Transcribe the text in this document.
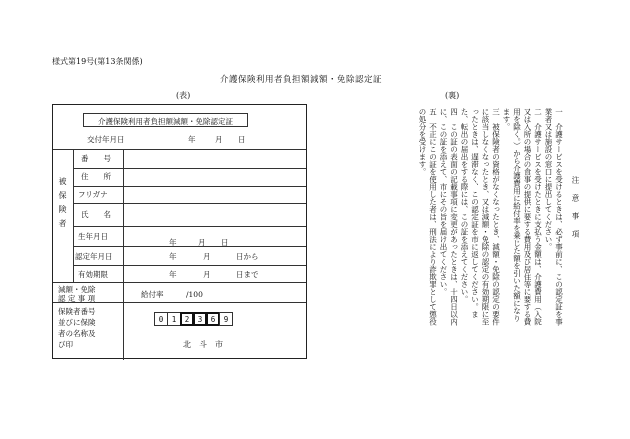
様式第19号(第13条関係)
介護保険利用者負担額減額・免除認定証
(表)	(裏)
介護保険利用者負担額減額・免除認定証
交付年月日	年	月 日
被保険者
番　　号
住　　所
フリガナ
氏　　名
生年月日
年	月 日
認定年月日	年	月	日から
有効期限	年	月	日まで
減額・免除
認 定 事 項	給付率	/100
保険者番号
並びに保険
者の名称及
び印
0	1	2	3	6	9
北　斗　市

注 意 事 項

一　介護サービスを受けるときは、必ず事前に、この認定証を事業者又は施設の窓口に提出してください。

二　介護サービスを受けたときに支払う金額は、介護費用（入院又は入所の場合の食事の提供に要する費用及び居住等に要する費用を除く。）から介護費用に給付率を乗じた額を引いた額になります。

三　被保険者の資格がなくなったとき、減額・免除の認定の要件に該当しなくなったとき、又は減額・免除の認定の有効期限に至ったときは、遅滞なく、この認定証を市に返してください。また、転出の届出をする際には、この証を添えてください。

四　この証の表面の記載事項に変更があったときは、十四日以内に、この証を添えて、市にその旨を届け出てください。

五　不正にこの証を使用した者は、刑法により詐欺罪として懲役の処分を受けます。
